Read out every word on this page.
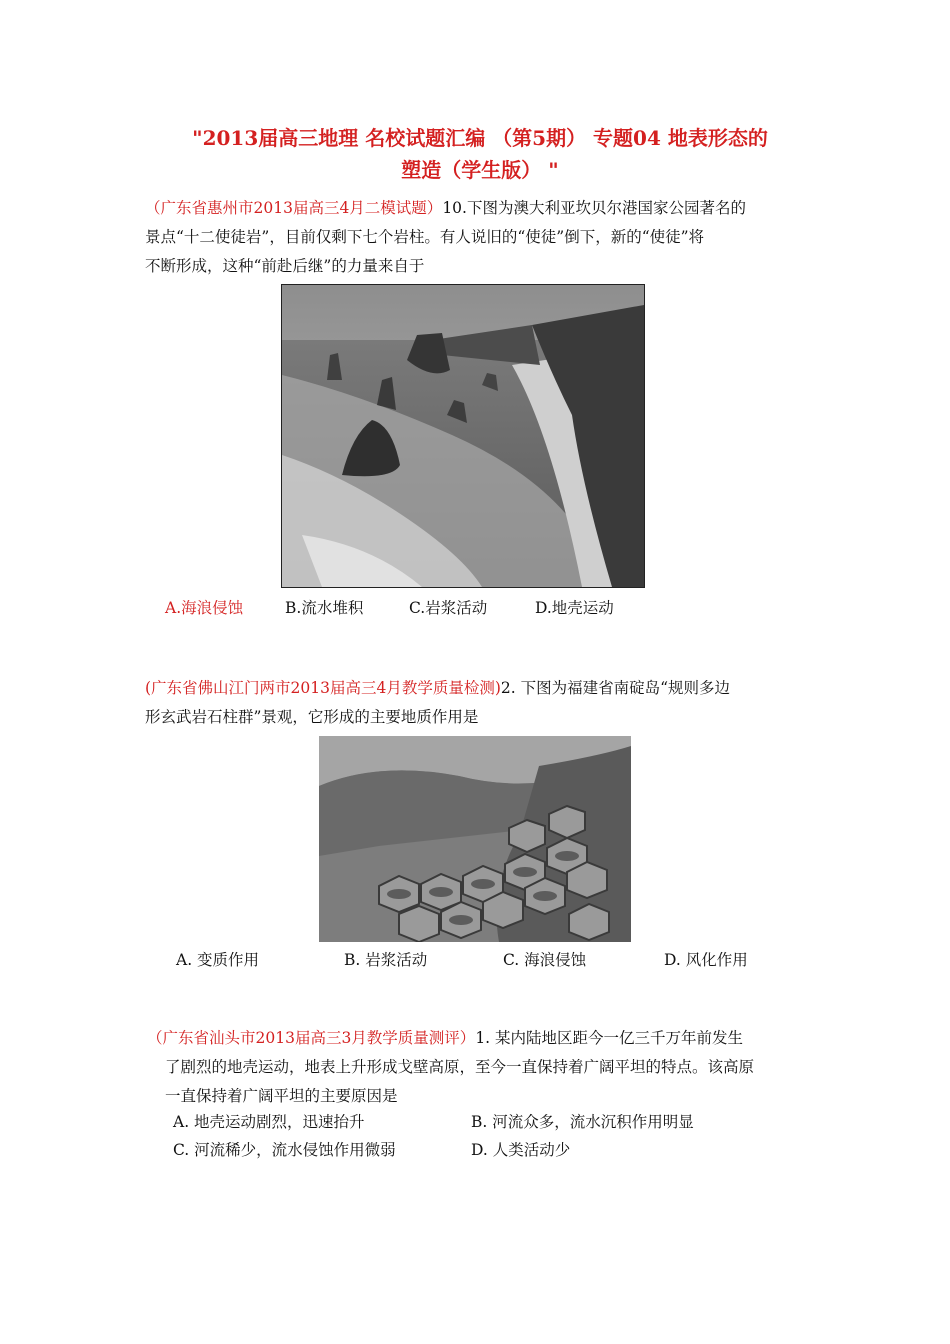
"2013届高三地理 名校试题汇编 （第5期） 专题04 地表形态的
塑造（学生版） "
（广东省惠州市2013届高三4月二模试题）10.下图为澳大利亚坎贝尔港国家公园著名的
景点“十二使徒岩”，目前仅剩下七个岩柱。有人说旧的“使徒”倒下，新的“使徒”将
不断形成，这种“前赴后继”的力量来自于
A.海浪侵蚀	B.流水堆积	C.岩浆活动	D.地壳运动
(广东省佛山江门两市2013届高三4月教学质量检测)2. 下图为福建省南碇岛“规则多边
形玄武岩石柱群”景观，它形成的主要地质作用是
A. 变质作用	B. 岩浆活动	C. 海浪侵蚀	D. 风化作用
（广东省汕头市2013届高三3月教学质量测评）1. 某内陆地区距今一亿三千万年前发生
了剧烈的地壳运动，地表上升形成戈壁高原，至今一直保持着广阔平坦的特点。该高原
一直保持着广阔平坦的主要原因是
A. 地壳运动剧烈，迅速抬升	B. 河流众多，流水沉积作用明显
C. 河流稀少，流水侵蚀作用微弱	D. 人类活动少
